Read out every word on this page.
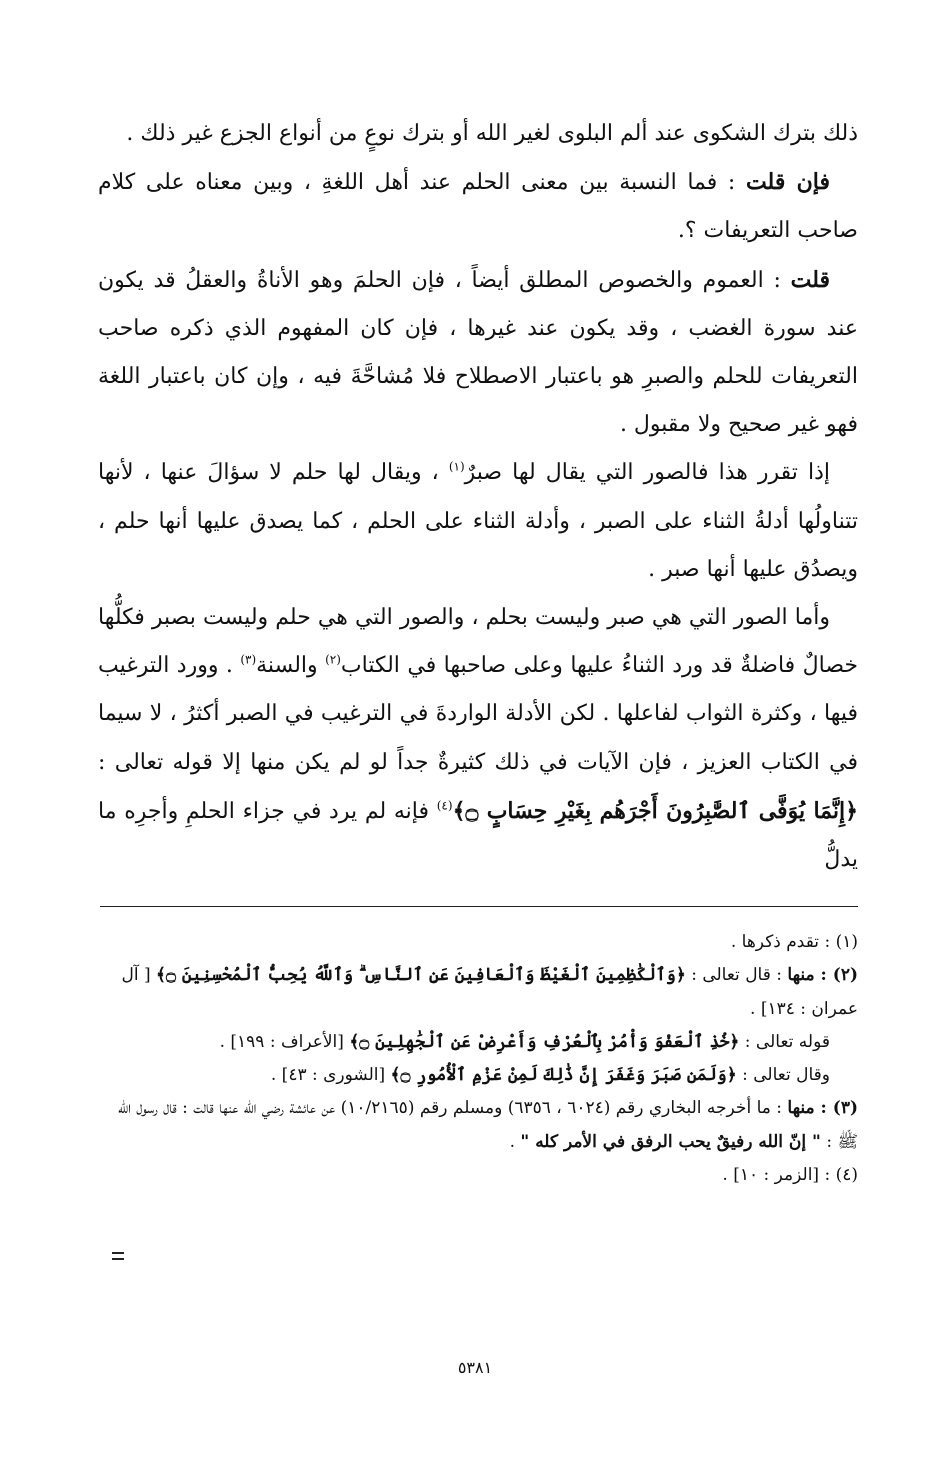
ذلك بترك الشكوى عند ألم البلوى لغير الله أو بترك نوعٍ من أنواع الجزع غير ذلك .

فإن قلت : فما النسبة بين معنى الحلم عند أهل اللغةِ ، وبين معناه على كلام صاحب التعريفات ؟.

قلت : العموم والخصوص المطلق أيضاً ، فإن الحلمَ وهو الأناةُ والعقلُ قد يكون عند سورة الغضب ، وقد يكون عند غيرها ، فإن كان المفهوم الذي ذكره صاحب التعريفات للحلم والصبرِ هو باعتبار الاصطلاح فلا مُشاحَّةَ فيه ، وإن كان باعتبار اللغة فهو غير صحيح ولا مقبول .

إذا تقرر هذا فالصور التي يقال لها صبرٌ$^{(١)}$ ، ويقال لها حلم لا سؤالَ عنها ، لأنها تتناولُها أدلةُ الثناء على الصبر ، وأدلة الثناء على الحلم ، كما يصدق عليها أنها حلم ، ويصدُق عليها أنها صبر .

وأما الصور التي هي صبر وليست بحلم ، والصور التي هي حلم وليست بصبر فكلُّها خصالٌ فاضلةٌ قد ورد الثناءُ عليها وعلى صاحبها في الكتاب$^{(٢)}$ والسنة$^{(٣)}$ . وورد الترغيب فيها ، وكثرة الثواب لفاعلها . لكن الأدلة الواردةَ في الترغيب في الصبر أكثرُ ، لا سيما في الكتاب العزيز ، فإن الآيات في ذلك كثيرةٌ جداً لو لم يكن منها إلا قوله تعالى : ﴿إِنَّمَا يُوَفَّى ٱلصَّٰبِرُونَ أَجْرَهُم بِغَيْرِ حِسَابٍ ۝﴾$^{(٤)}$ فإنه لم يرد في جزاء الحلمِ وأجرِه ما يدلُّ

(١) : تقدم ذكرها .

(٢) : منها : قال تعالى : ﴿وَٱلْكَٰظِمِينَ ٱلْغَيْظَ وَٱلْعَافِينَ عَنِ ٱلنَّاسِ ۗ وَٱللَّهُ يُحِبُّ ٱلْمُحْسِنِينَ ۝﴾ [ آل عمران : ١٣٤] .

قوله تعالى : ﴿خُذِ ٱلْعَفْوَ وَأْمُرْ بِٱلْعُرْفِ وَأَعْرِضْ عَنِ ٱلْجَٰهِلِينَ ۝﴾ [الأعراف : ١٩٩] .

وقال تعالى : ﴿وَلَمَن صَبَرَ وَغَفَرَ إِنَّ ذَٰلِكَ لَمِنْ عَزْمِ ٱلْأُمُورِ ۝﴾ [الشورى : ٤٣] .

(٣) : منها : ما أخرجه البخاري رقم (٦٠٢٤ ، ٦٣٥٦) ومسلم رقم (١٠/٢١٦٥) عن عائشة رضي الله عنها قالت : قال رسول الله ﷺ : " إنّ الله رفيقٌ يحب الرفق في الأمر كله " .

(٤) : [الزمر : ١٠] .

٥٣٨١
